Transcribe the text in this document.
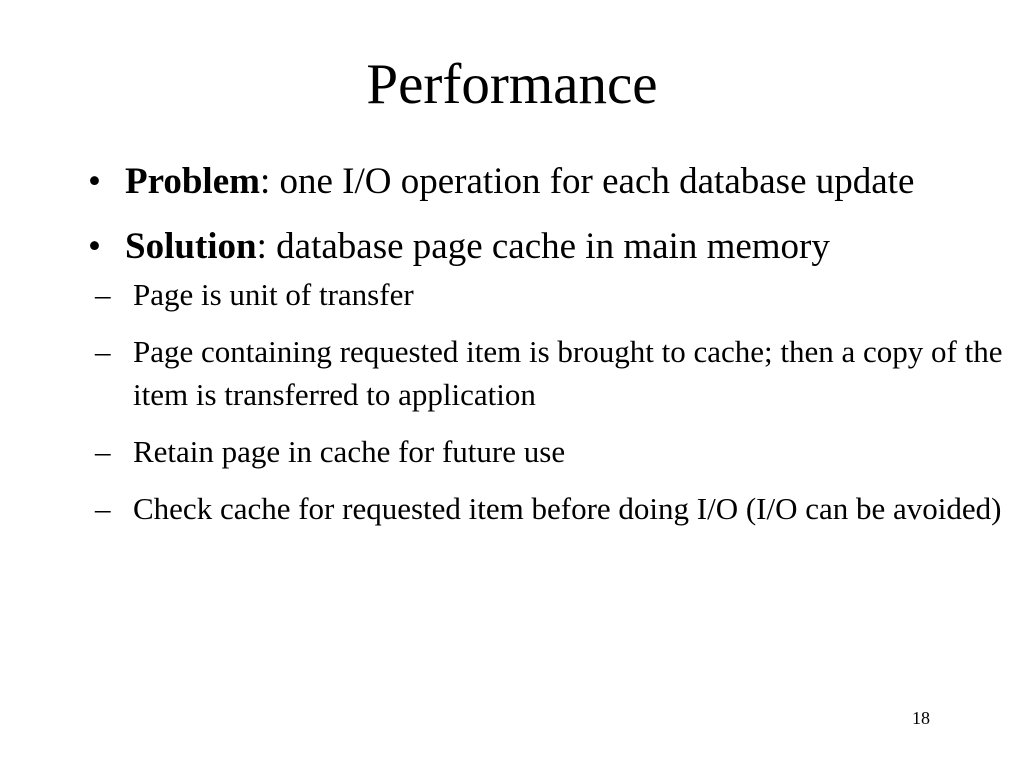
Performance
• Problem: one I/O operation for each database update
• Solution: database page cache in main memory
– Page is unit of transfer
– Page containing requested item is brought to cache; then a copy of the item is transferred to application
– Retain page in cache for future use
– Check cache for requested item before doing I/O (I/O can be avoided)
18
